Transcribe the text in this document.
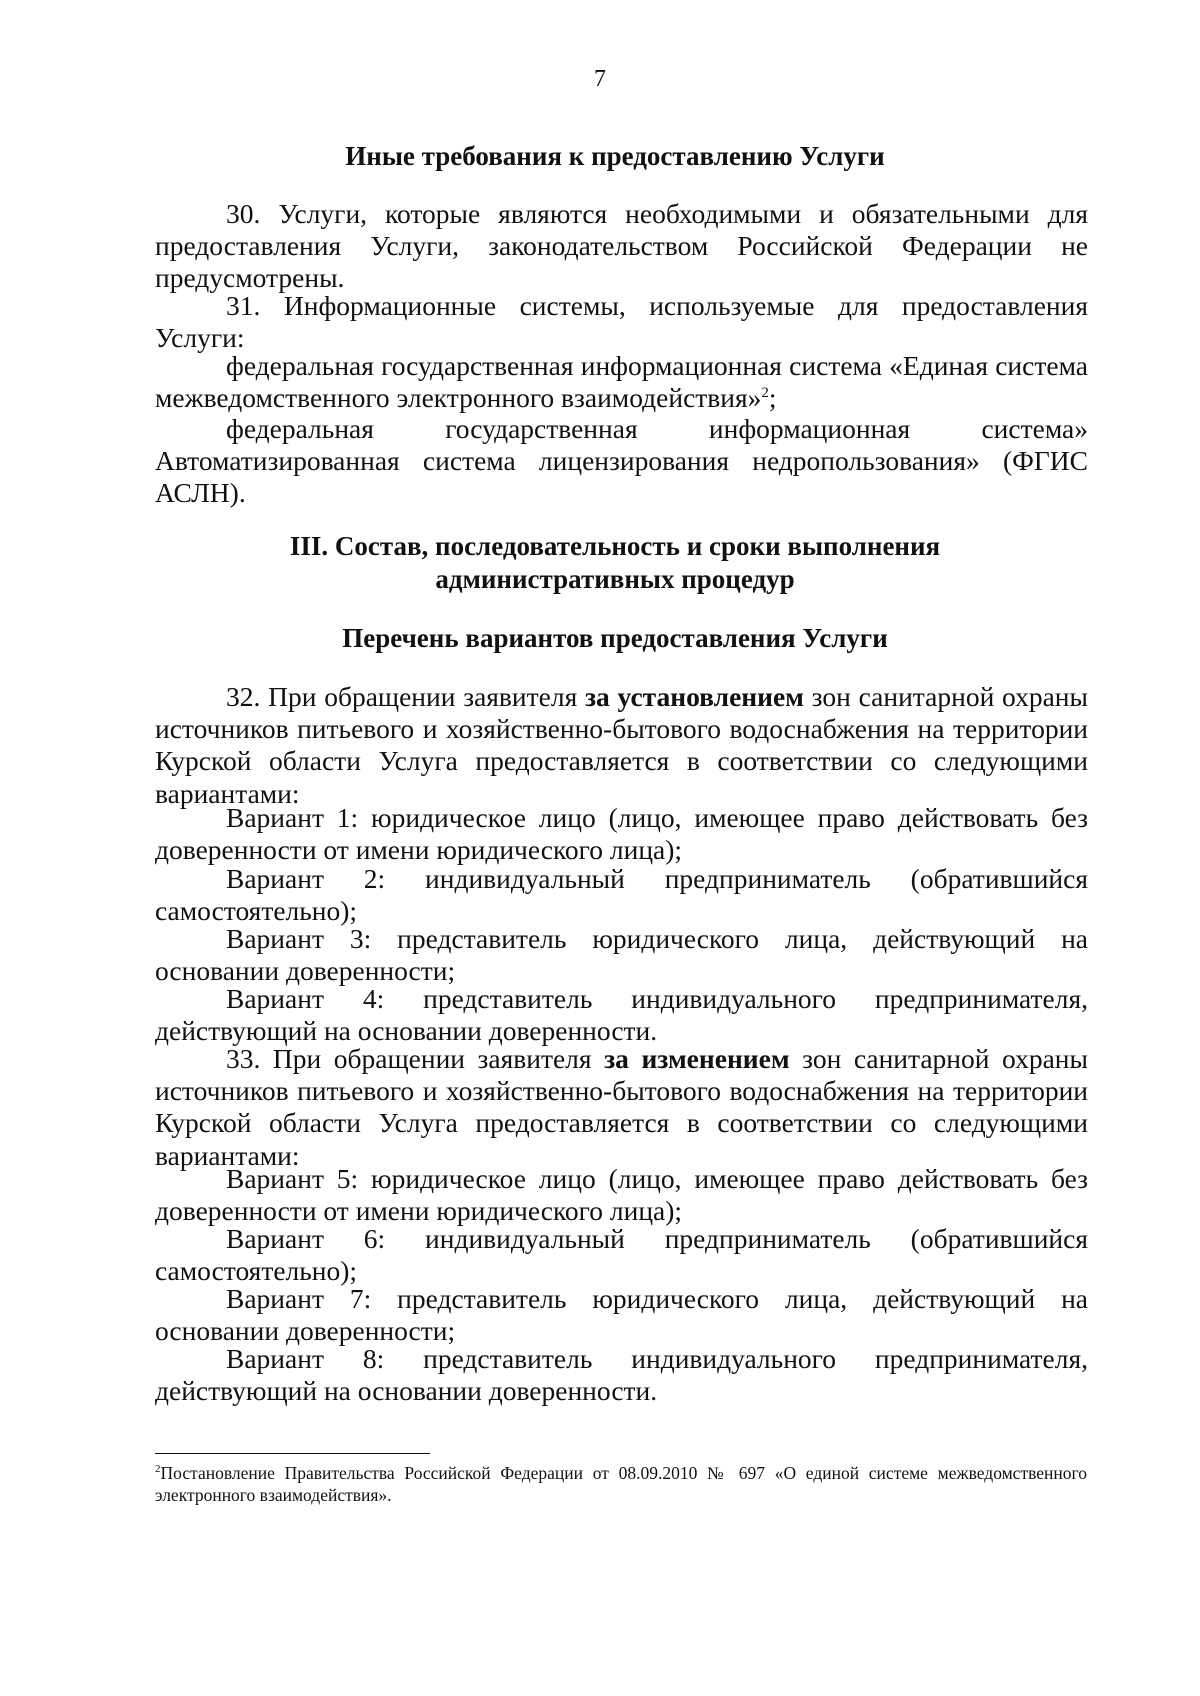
7
Иные требования к предоставлению Услуги
30. Услуги, которые являются необходимыми и обязательными для предоставления Услуги, законодательством Российской Федерации не предусмотрены.
31. Информационные системы, используемые для предоставления Услуги:
федеральная государственная информационная система «Единая система межведомственного электронного взаимодействия»$^2$;
федеральная государственная информационная система» Автоматизированная система лицензирования недропользования» (ФГИС АСЛН).
III. Состав, последовательность и сроки выполнения
административных процедур
Перечень вариантов предоставления Услуги
32. При обращении заявителя за установлением зон санитарной охраны источников питьевого и хозяйственно-бытового водоснабжения на территории Курской области Услуга предоставляется в соответствии со следующими вариантами:
Вариант 1: юридическое лицо (лицо, имеющее право действовать без доверенности от имени юридического лица);
Вариант 2: индивидуальный предприниматель (обратившийся самостоятельно);
Вариант 3: представитель юридического лица, действующий на основании доверенности;
Вариант 4: представитель индивидуального предпринимателя, действующий на основании доверенности.
33. При обращении заявителя за изменением зон санитарной охраны источников питьевого и хозяйственно-бытового водоснабжения на территории Курской области Услуга предоставляется в соответствии со следующими вариантами:
Вариант 5: юридическое лицо (лицо, имеющее право действовать без доверенности от имени юридического лица);
Вариант 6: индивидуальный предприниматель (обратившийся самостоятельно);
Вариант 7: представитель юридического лица, действующий на основании доверенности;
Вариант 8: представитель индивидуального предпринимателя, действующий на основании доверенности.
$^2$Постановление Правительства Российской Федерации от 08.09.2010 № 697 «О единой системе межведомственного электронного взаимодействия».
